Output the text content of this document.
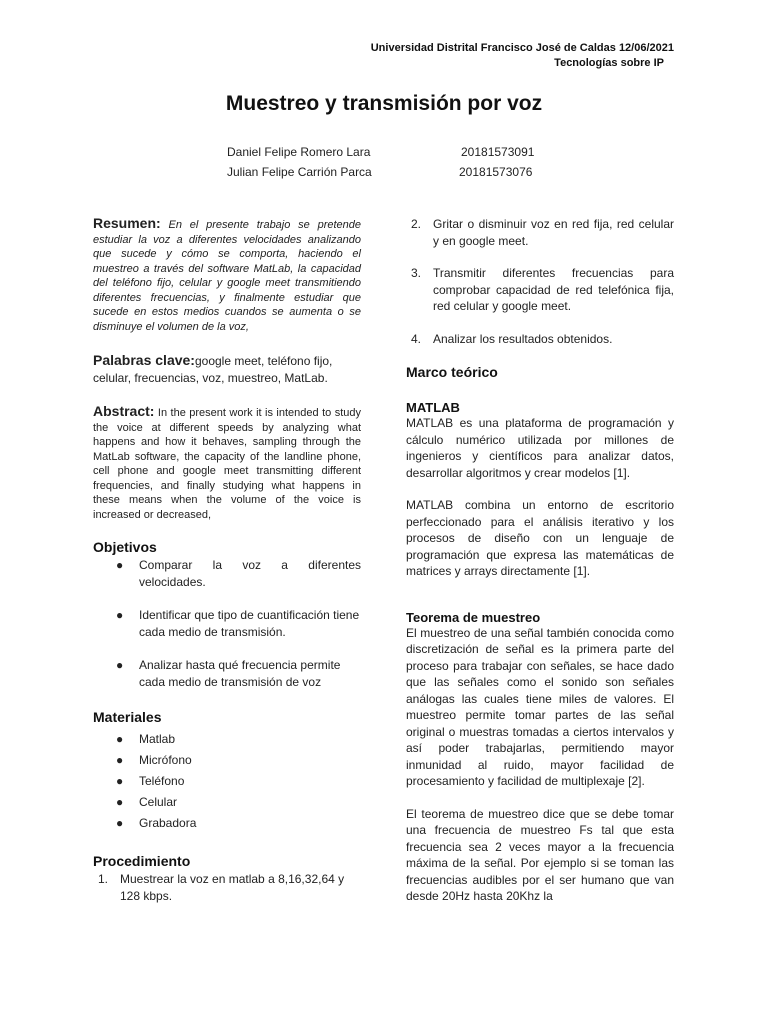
Universidad Distrital Francisco José de Caldas 12/06/2021
Tecnologías sobre IP
Muestreo y transmisión por voz
Daniel Felipe Romero Lara	20181573091
Julian Felipe Carrión Parca	20181573076

Resumen: En el presente trabajo se pretende estudiar la voz a diferentes velocidades analizando que sucede y cómo se comporta, haciendo el muestreo a través del software MatLab, la capacidad del teléfono fijo, celular y google meet transmitiendo diferentes frecuencias, y finalmente estudiar que sucede en estos medios cuandos se aumenta o se disminuye el volumen de la voz,

Palabras clave:google meet, teléfono fijo, celular, frecuencias, voz, muestreo, MatLab.

Abstract: In the present work it is intended to study the voice at different speeds by analyzing what happens and how it behaves, sampling through the MatLab software, the capacity of the landline phone, cell phone and google meet transmitting different frequencies, and finally studying what happens in these means when the volume of the voice is increased or decreased,

Objetivos
● Comparar la voz a diferentes velocidades.
● Identificar que tipo de cuantificación tiene cada medio de transmisión.
● Analizar hasta qué frecuencia permite cada medio de transmisión de voz
Materiales
● Matlab
● Micrófono
● Teléfono
● Celular
● Grabadora
Procedimiento
1. Muestrear la voz en matlab a 8,16,32,64 y 128 kbps.
2. Gritar o disminuir voz en red fija, red celular y en google meet.
3. Transmitir diferentes frecuencias para comprobar capacidad de red telefónica fija, red celular y google meet.
4. Analizar los resultados obtenidos.
Marco teórico
MATLAB

MATLAB es una plataforma de programación y cálculo numérico utilizada por millones de ingenieros y científicos para analizar datos, desarrollar algoritmos y crear modelos [1].

MATLAB combina un entorno de escritorio perfeccionado para el análisis iterativo y los procesos de diseño con un lenguaje de programación que expresa las matemáticas de matrices y arrays directamente [1].

Teorema de muestreo

El muestreo de una señal también conocida como discretización de señal es la primera parte del proceso para trabajar con señales, se hace dado que las señales como el sonido son señales análogas las cuales tiene miles de valores. El muestreo permite tomar partes de las señal original o muestras tomadas a ciertos intervalos y así poder trabajarlas, permitiendo mayor inmunidad al ruido, mayor facilidad de procesamiento y facilidad de multiplexaje [2].

El teorema de muestreo dice que se debe tomar una frecuencia de muestreo Fs tal que esta frecuencia sea 2 veces mayor a la frecuencia máxima de la señal. Por ejemplo si se toman las frecuencias audibles por el ser humano que van desde 20Hz hasta 20Khz la
